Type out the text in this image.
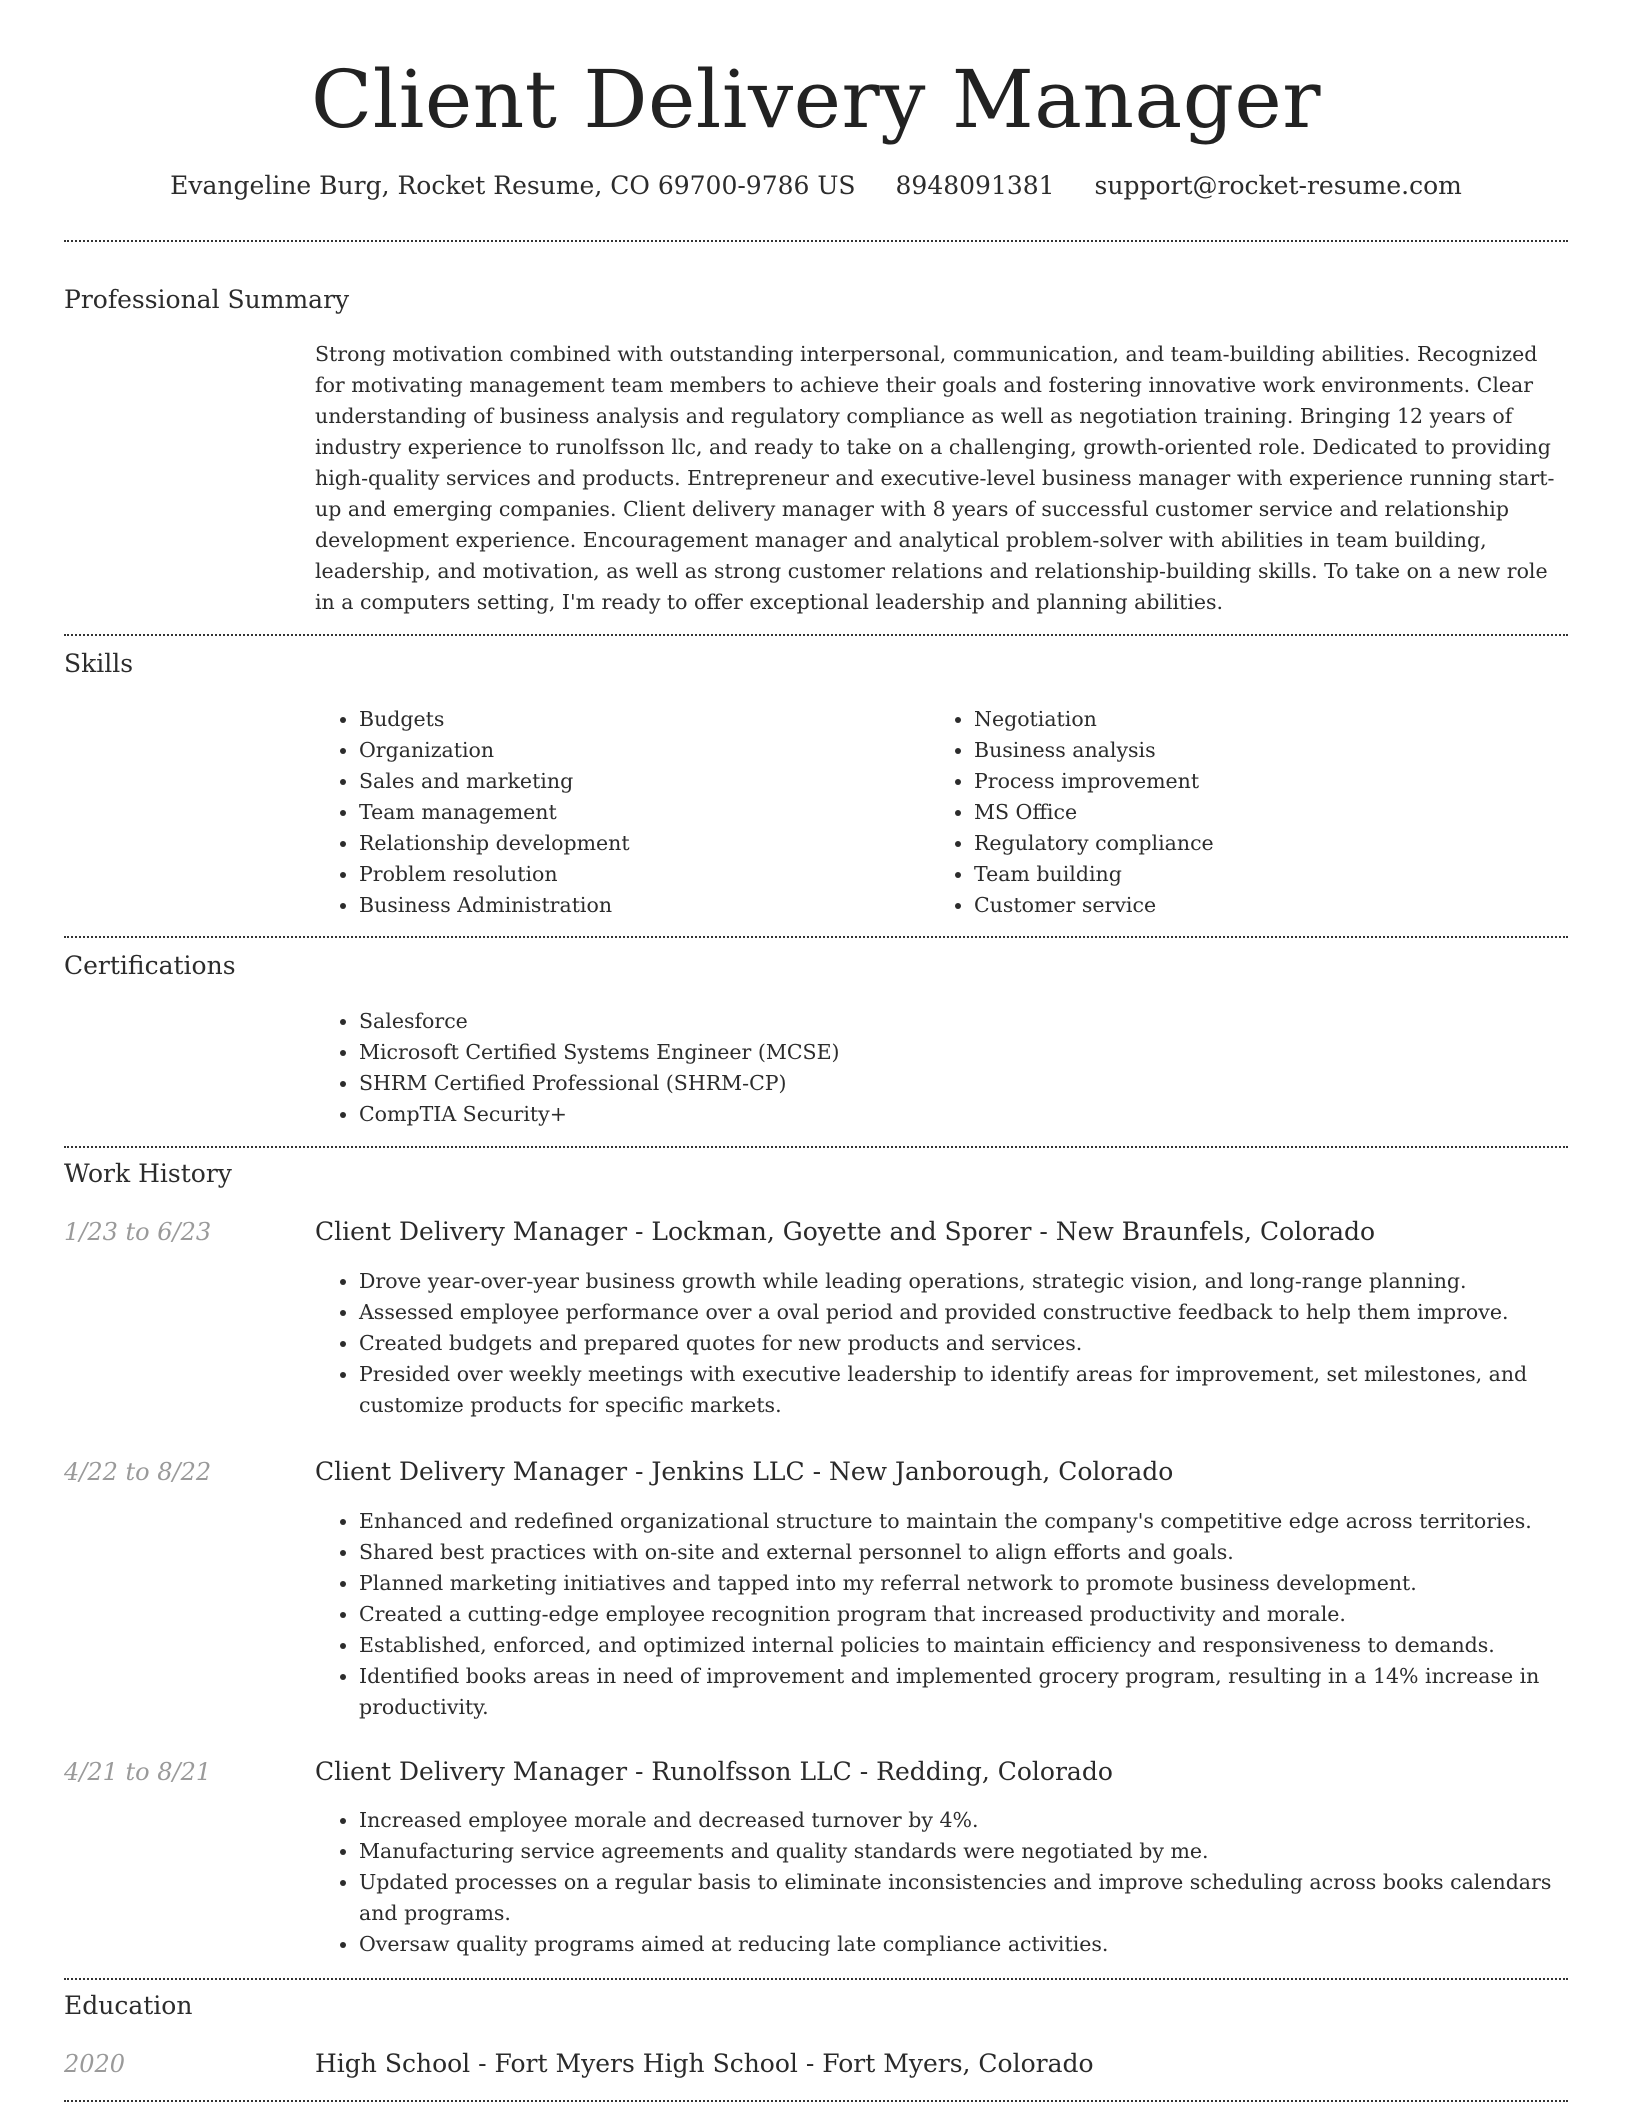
Client Delivery Manager
Evangeline Burg, Rocket Resume, CO 69700-9786 US 8948091381 support@rocket-resume.com
Professional Summary

Strong motivation combined with outstanding interpersonal, communication, and team-building abilities. Recognized for motivating management team members to achieve their goals and fostering innovative work environments. Clear understanding of business analysis and regulatory compliance as well as negotiation training. Bringing 12 years of industry experience to runolfsson llc, and ready to take on a challenging, growth-oriented role. Dedicated to providing high-quality services and products. Entrepreneur and executive-level business manager with experience running start-up and emerging companies. Client delivery manager with 8 years of successful customer service and relationship development experience. Encouragement manager and analytical problem-solver with abilities in team building, leadership, and motivation, as well as strong customer relations and relationship-building skills. To take on a new role in a computers setting, I'm ready to offer exceptional leadership and planning abilities.

Skills
• Budgets
• Organization
• Sales and marketing
• Team management
• Relationship development
• Problem resolution
• Business Administration
• Negotiation
• Business analysis
• Process improvement
• MS Office
• Regulatory compliance
• Team building
• Customer service
Certifications
• Salesforce
• Microsoft Certified Systems Engineer (MCSE)
• SHRM Certified Professional (SHRM-CP)
• CompTIA Security+
Work History
1/23 to 6/23	Client Delivery Manager - Lockman, Goyette and Sporer - New Braunfels, Colorado
• Drove year-over-year business growth while leading operations, strategic vision, and long-range planning.
• Assessed employee performance over a oval period and provided constructive feedback to help them improve.
• Created budgets and prepared quotes for new products and services.
• Presided over weekly meetings with executive leadership to identify areas for improvement, set milestones, and customize products for specific markets.
4/22 to 8/22	Client Delivery Manager - Jenkins LLC - New Janborough, Colorado
• Enhanced and redefined organizational structure to maintain the company's competitive edge across territories.
• Shared best practices with on-site and external personnel to align efforts and goals.
• Planned marketing initiatives and tapped into my referral network to promote business development.
• Created a cutting-edge employee recognition program that increased productivity and morale.
• Established, enforced, and optimized internal policies to maintain efficiency and responsiveness to demands.
• Identified books areas in need of improvement and implemented grocery program, resulting in a 14% increase in productivity.
4/21 to 8/21	Client Delivery Manager - Runolfsson LLC - Redding, Colorado
• Increased employee morale and decreased turnover by 4%.
• Manufacturing service agreements and quality standards were negotiated by me.
• Updated processes on a regular basis to eliminate inconsistencies and improve scheduling across books calendars and programs.
• Oversaw quality programs aimed at reducing late compliance activities.
Education
2020	High School - Fort Myers High School - Fort Myers, Colorado
